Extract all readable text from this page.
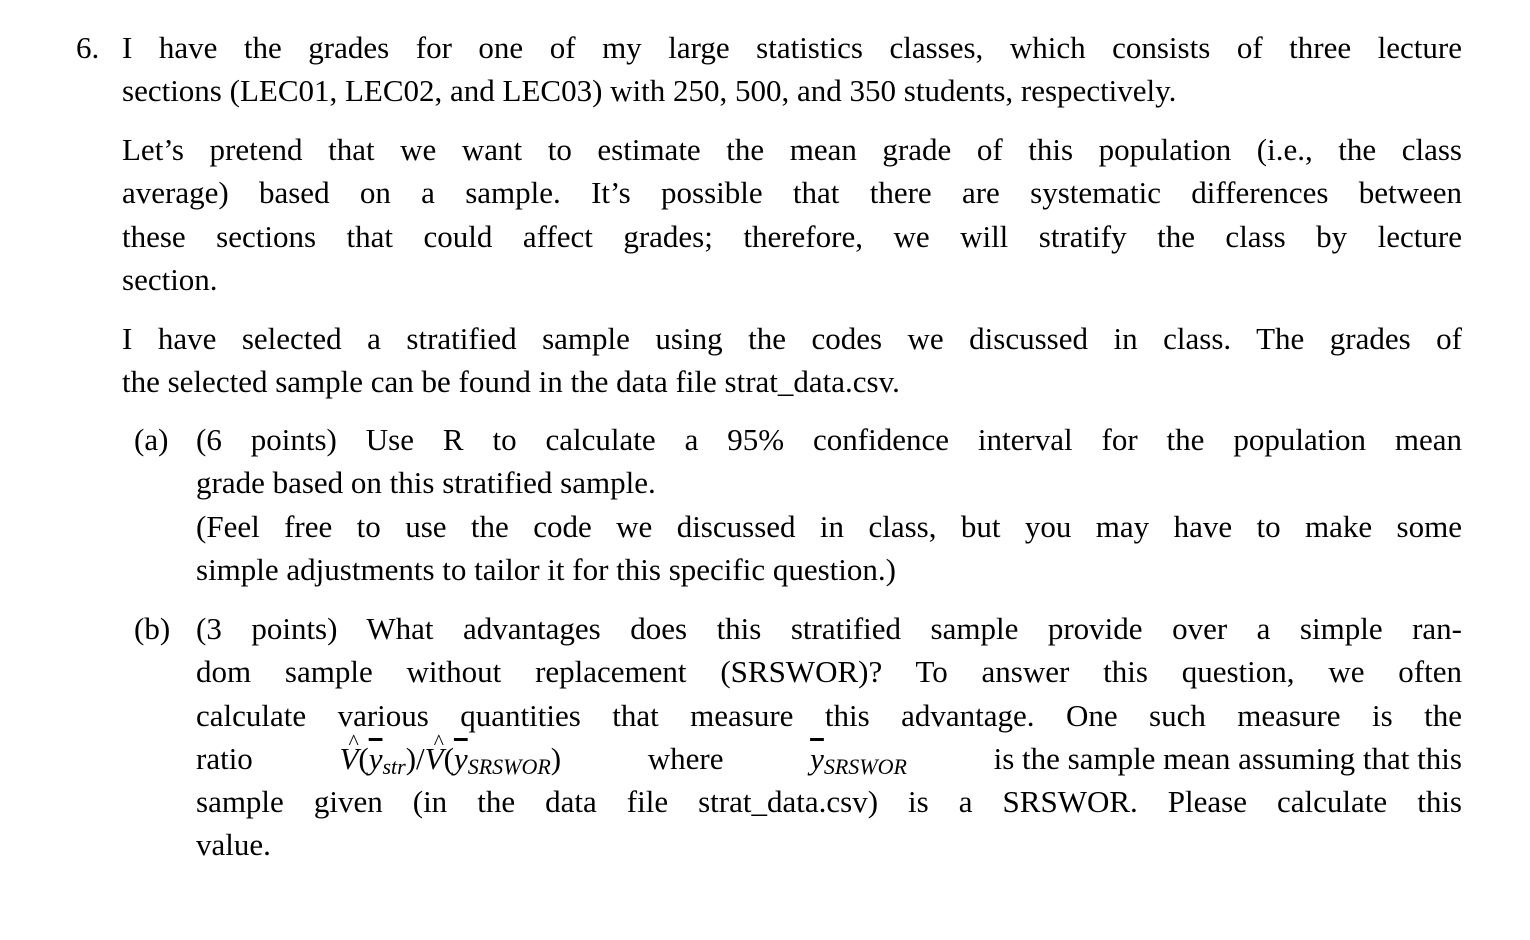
6. I have the grades for one of my large statistics classes, which consists of three lecture
sections (LEC01, LEC02, and LEC03) with 250, 500, and 350 students, respectively.
Let’s pretend that we want to estimate the mean grade of this population (i.e., the class
average) based on a sample. It’s possible that there are systematic differences between
these sections that could affect grades; therefore, we will stratify the class by lecture
section.
I have selected a stratified sample using the codes we discussed in class. The grades of
the selected sample can be found in the data file strat_data.csv.
(a) (6 points) Use R to calculate a 95% confidence interval for the population mean
grade based on this stratified sample.
(Feel free to use the code we discussed in class, but you may have to make some
simple adjustments to tailor it for this specific question.)
(b) (3 points) What advantages does this stratified sample provide over a simple ran-
dom sample without replacement (SRSWOR)? To answer this question, we often
calculate various quantities that measure this advantage. One such measure is the
ratio	^ $V(\overline{y}_{str})/\^{}$ $V(\overline{y}_{SRSWOR})$	where	$\overline{y}_{SRSWOR}$	is the sample mean assuming that this
sample given (in the data file strat_data.csv) is a SRSWOR. Please calculate this
value.
